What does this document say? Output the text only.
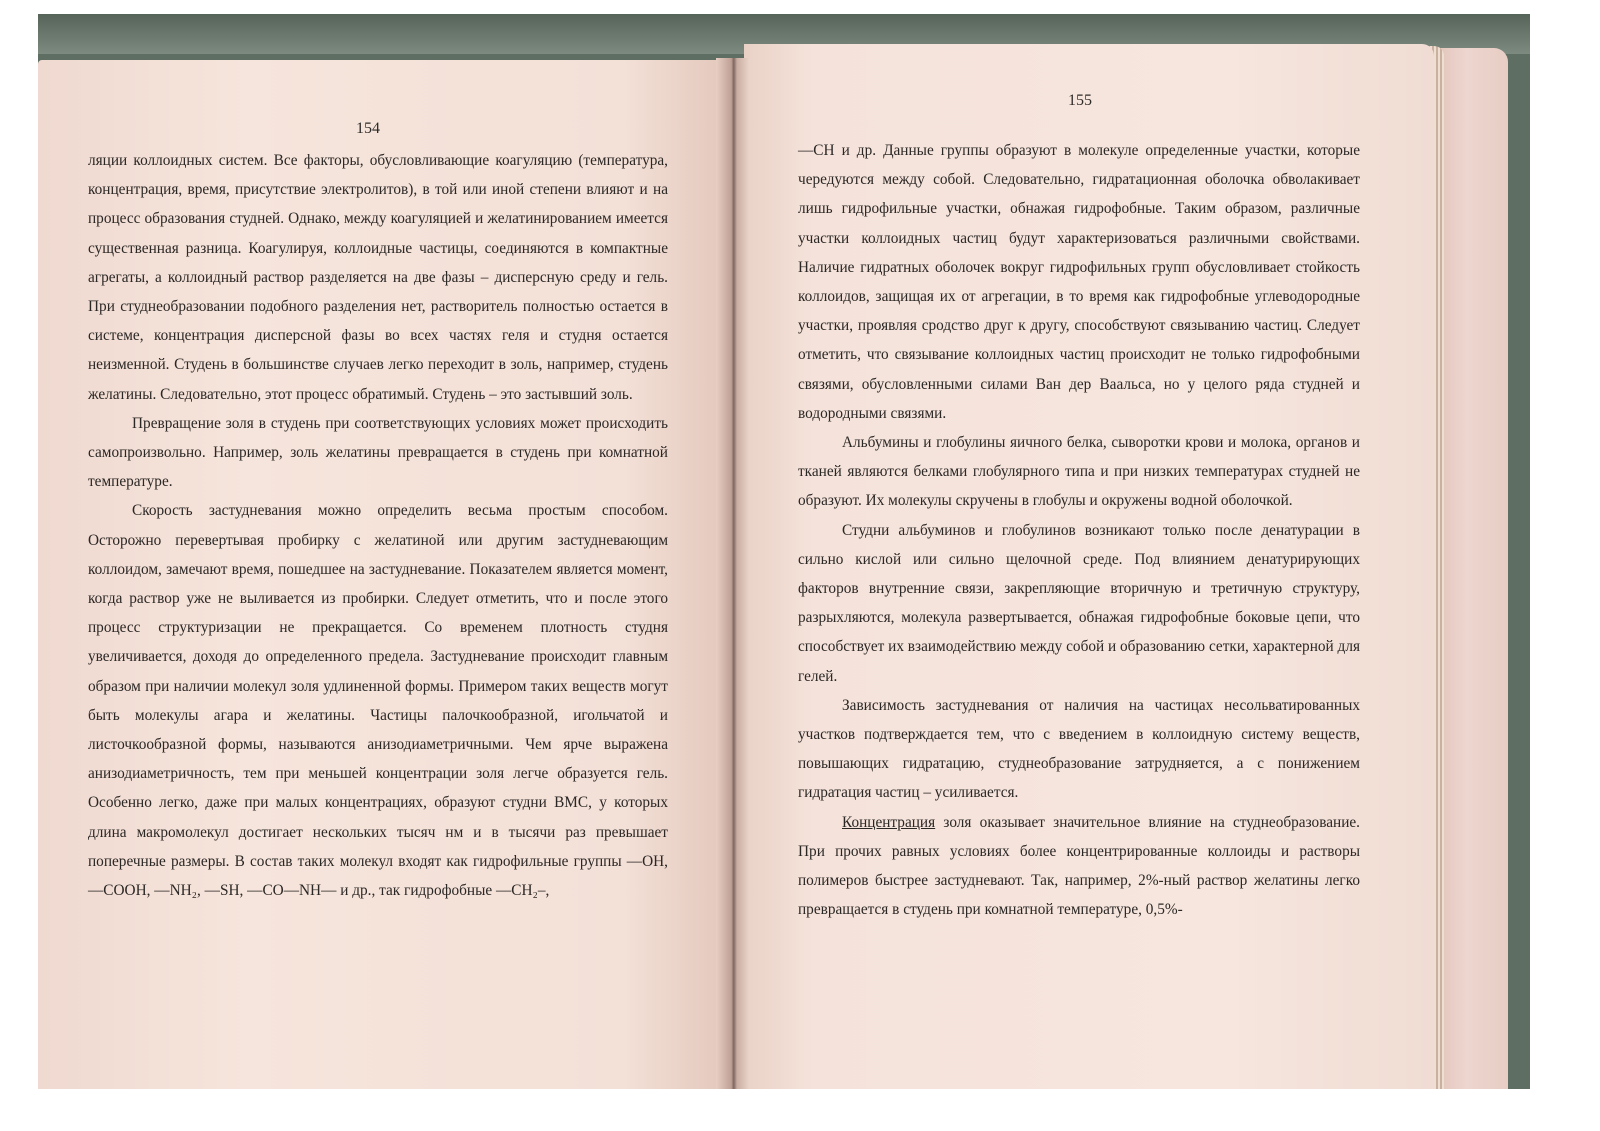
154

ляции коллоидных систем. Все факторы, обусловливающие коагуляцию (температура, концентрация, время, присутствие электролитов), в той или иной степени влияют и на процесс образования студней. Однако, между коагуляцией и желатинированием имеется существенная разница. Коагулируя, коллоидные частицы, соединяются в компактные агрегаты, а коллоидный раствор разделяется на две фазы – дисперсную среду и гель. При студнеобразовании подобного разделения нет, растворитель полностью остается в системе, концентрация дисперсной фазы во всех частях геля и студня остается неизменной. Студень в большинстве случаев легко переходит в золь, например, студень желатины. Следовательно, этот процесс обратимый. Студень – это застывший золь.

Превращение золя в студень при соответствующих условиях может происходить самопроизвольно. Например, золь желатины превращается в студень при комнатной температуре.

Скорость застудневания можно определить весьма простым способом. Осторожно перевертывая пробирку с желатиной или другим застудневающим коллоидом, замечают время, пошедшее на застудневание. Показателем является момент, когда раствор уже не выливается из пробирки. Следует отметить, что и после этого процесс структуризации не прекращается. Со временем плотность студня увеличивается, доходя до определенного предела. Застудневание происходит главным образом при наличии молекул золя удлиненной формы. Примером таких веществ могут быть молекулы агара и желатины. Частицы палочкообразной, игольчатой и листочкообразной формы, называются анизодиаметричными. Чем ярче выражена анизодиаметричность, тем при меньшей концентрации золя легче образуется гель. Особенно легко, даже при малых концентрациях, образуют студни ВМС, у которых длина макромолекул достигает нескольких тысяч нм и в тысячи раз превышает поперечные размеры. В состав таких молекул входят как гидрофильные группы —OH, —COOH, —NH₂, —SH, —CO—NH— и др., так гидрофобные —CH₂–,

155

—CH и др. Данные группы образуют в молекуле определенные участки, которые чередуются между собой. Следовательно, гидратационная оболочка обволакивает лишь гидрофильные участки, обнажая гидрофобные. Таким образом, различные участки коллоидных частиц будут характеризоваться различными свойствами. Наличие гидратных оболочек вокруг гидрофильных групп обусловливает стойкость коллоидов, защищая их от агрегации, в то время как гидрофобные углеводородные участки, проявляя сродство друг к другу, способствуют связыванию частиц. Следует отметить, что связывание коллоидных частиц происходит не только гидрофобными связями, обусловленными силами Ван дер Ваальса, но у целого ряда студней и водородными связями.

Альбумины и глобулины яичного белка, сыворотки крови и молока, органов и тканей являются белками глобулярного типа и при низких температурах студней не образуют. Их молекулы скручены в глобулы и окружены водной оболочкой.

Студни альбуминов и глобулинов возникают только после денатурации в сильно кислой или сильно щелочной среде. Под влиянием денатурирующих факторов внутренние связи, закрепляющие вторичную и третичную структуру, разрыхляются, молекула развертывается, обнажая гидрофобные боковые цепи, что способствует их взаимодействию между собой и образованию сетки, характерной для гелей.

Зависимость застудневания от наличия на частицах несольватированных участков подтверждается тем, что с введением в коллоидную систему веществ, повышающих гидратацию, студнеобразование затрудняется, а с понижением гидратация частиц – усиливается.

Концентрация золя оказывает значительное влияние на студнеобразование. При прочих равных условиях более концентрированные коллоиды и растворы полимеров быстрее застудневают. Так, например, 2%-ный раствор желатины легко превращается в студень при комнатной температуре, 0,5%-
